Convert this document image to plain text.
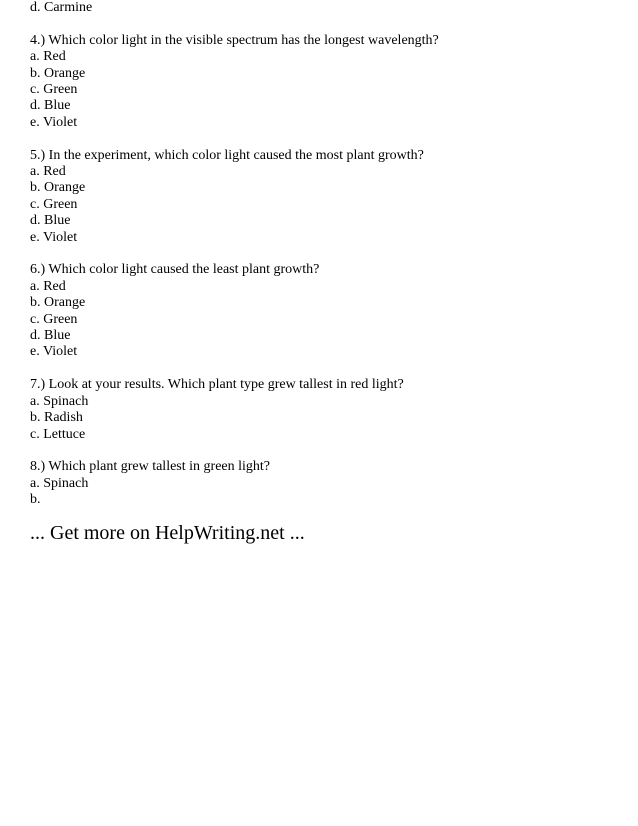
d. Carmine
4.) Which color light in the visible spectrum has the longest wavelength?
a. Red
b. Orange
c. Green
d. Blue
e. Violet
5.) In the experiment, which color light caused the most plant growth?
a. Red
b. Orange
c. Green
d. Blue
e. Violet
6.) Which color light caused the least plant growth?
a. Red
b. Orange
c. Green
d. Blue
e. Violet
7.) Look at your results. Which plant type grew tallest in red light?
a. Spinach
b. Radish
c. Lettuce
8.) Which plant grew tallest in green light?
a. Spinach
b.
... Get more on HelpWriting.net ...
